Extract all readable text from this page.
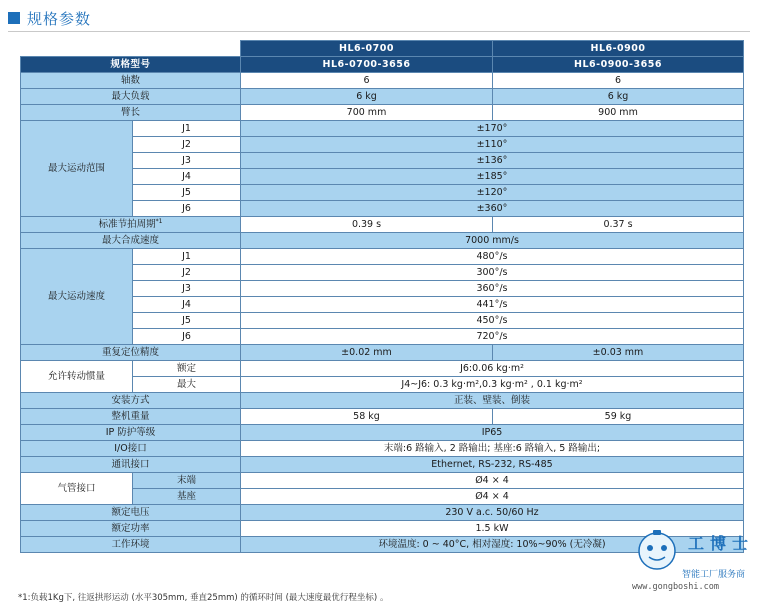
规格参数
		HL6-0700	HL6-0900
规格型号		HL6-0700-3656	HL6-0900-3656
轴数		6	6
最大负载		6 kg	6 kg
臂长		700 mm	900 mm
最大运动范围	J1	±170°	
	J2	±110°	
	J3	±136°	
	J4	±185°	
	J5	±120°	
	J6	±360°	
标准节拍周期$^{*1}$		0.39 s	0.37 s
最大合成速度		7000 mm/s	
最大运动速度	J1	480°/s	
	J2	300°/s	
	J3	360°/s	
	J4	441°/s	
	J5	450°/s	
	J6	720°/s	
重复定位精度		±0.02 mm	±0.03 mm
允许转动惯量	额定	J6:0.06 kg·m²	
	最大	J4~J6: 0.3 kg·m²,0.3 kg·m² , 0.1 kg·m²	
安装方式		正装、壁装、倒装	
整机重量		58 kg	59 kg
IP 防护等级		IP65	
I/O接口		末端:6 路输入, 2 路输出; 基座:6 路输入, 5 路输出;	
通讯接口		Ethernet, RS-232, RS-485	
气管接口	末端	Ø4 × 4	
	基座	Ø4 × 4	
额定电压		230 V a.c. 50/60 Hz	
额定功率		1.5 kW	
工作环境		环境温度: 0 ~ 40°C, 相对湿度: 10%~90% (无冷凝)	
*1:负载1Kg下, 往返拱形运动 (水平305mm, 垂直25mm) 的循环时间 (最大速度最优行程坐标) 。
工博士
智能工厂服务商
www.gongboshi.com
